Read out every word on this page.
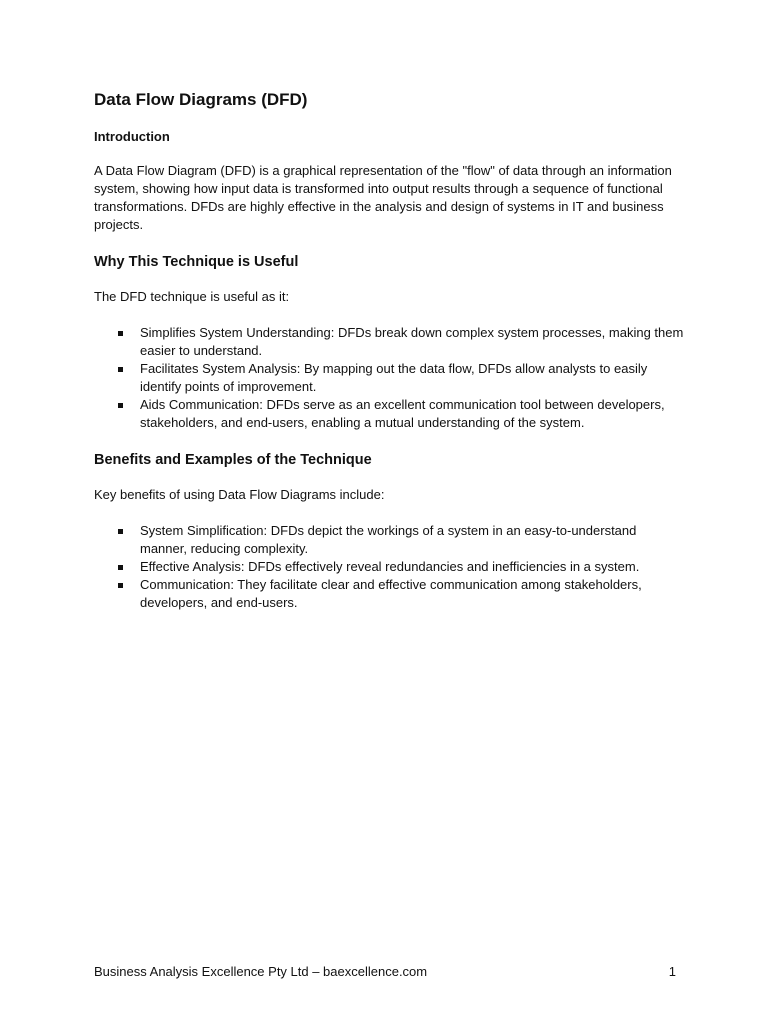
Data Flow Diagrams (DFD)
Introduction

A Data Flow Diagram (DFD) is a graphical representation of the "flow" of data through an information system, showing how input data is transformed into output results through a sequence of functional transformations. DFDs are highly effective in the analysis and design of systems in IT and business projects.

Why This Technique is Useful

The DFD technique is useful as it:

Simplifies System Understanding: DFDs break down complex system processes, making them easier to understand.
Facilitates System Analysis: By mapping out the data flow, DFDs allow analysts to easily identify points of improvement.
Aids Communication: DFDs serve as an excellent communication tool between developers, stakeholders, and end-users, enabling a mutual understanding of the system.
Benefits and Examples of the Technique

Key benefits of using Data Flow Diagrams include:

System Simplification: DFDs depict the workings of a system in an easy-to-understand manner, reducing complexity.
Effective Analysis: DFDs effectively reveal redundancies and inefficiencies in a system.
Communication: They facilitate clear and effective communication among stakeholders, developers, and end-users.
Business Analysis Excellence Pty Ltd – baexcellence.com	1
